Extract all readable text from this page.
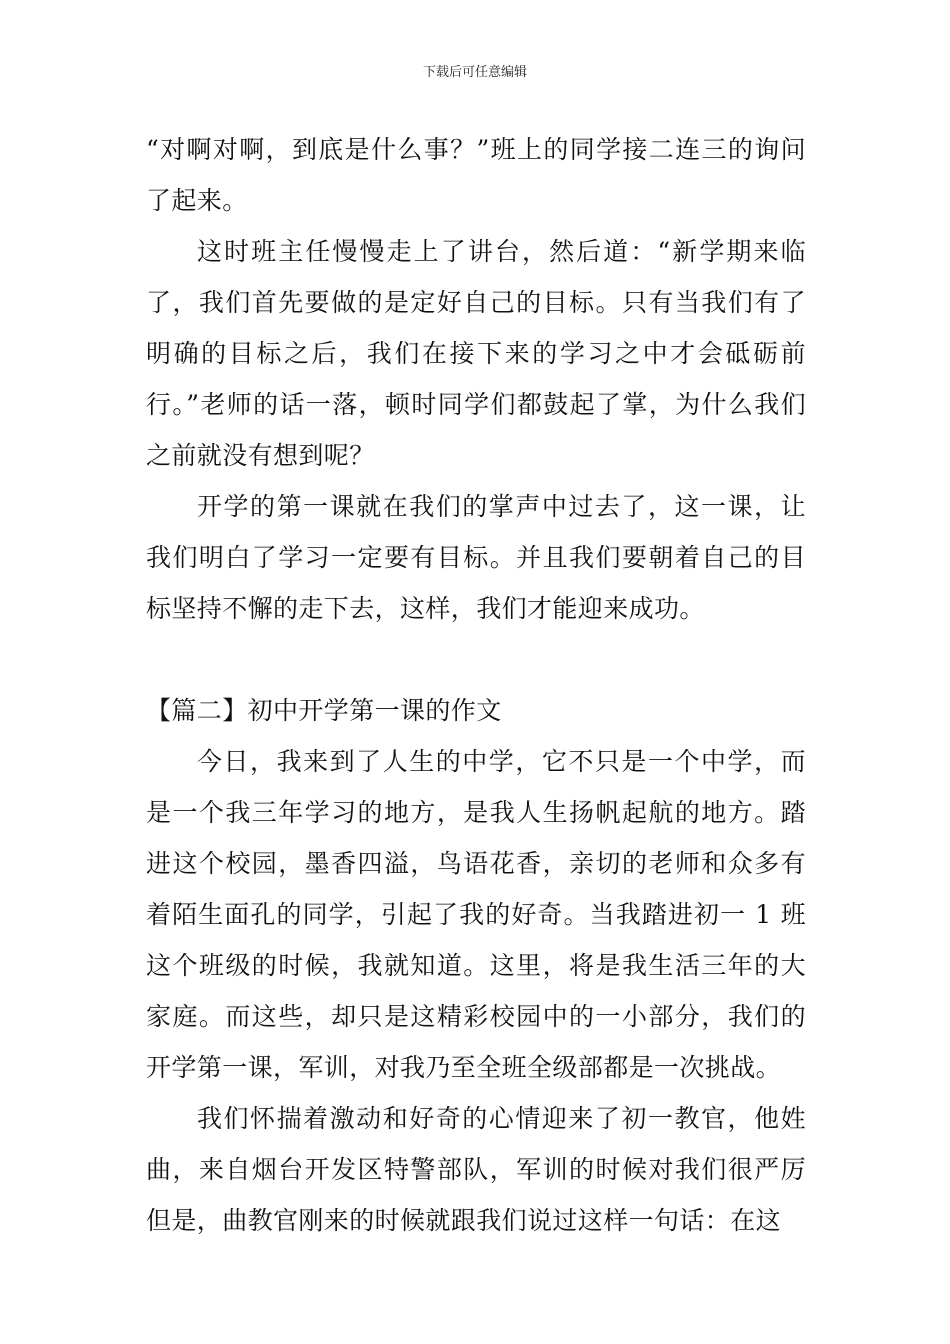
下载后可任意编辑

“对啊对啊，到底是什么事？”班上的同学接二连三的询问了起来。

这时班主任慢慢走上了讲台，然后道：“新学期来临了，我们首先要做的是定好自己的目标。只有当我们有了明确的目标之后，我们在接下来的学习之中才会砥砺前行。”老师的话一落，顿时同学们都鼓起了掌，为什么我们之前就没有想到呢？

开学的第一课就在我们的掌声中过去了，这一课，让我们明白了学习一定要有目标。并且我们要朝着自己的目标坚持不懈的走下去，这样，我们才能迎来成功。

【篇二】初中开学第一课的作文

今日，我来到了人生的中学，它不只是一个中学，而是一个我三年学习的地方，是我人生扬帆起航的地方。踏进这个校园，墨香四溢，鸟语花香，亲切的老师和众多有着陌生面孔的同学，引起了我的好奇。当我踏进初一 1 班这个班级的时候，我就知道。这里，将是我生活三年的大家庭。而这些，却只是这精彩校园中的一小部分，我们的开学第一课，军训，对我乃至全班全级部都是一次挑战。

我们怀揣着激动和好奇的心情迎来了初一教官，他姓曲，来自烟台开发区特警部队，军训的时候对我们很严厉但是，曲教官刚来的时候就跟我们说过这样一句话：在这
